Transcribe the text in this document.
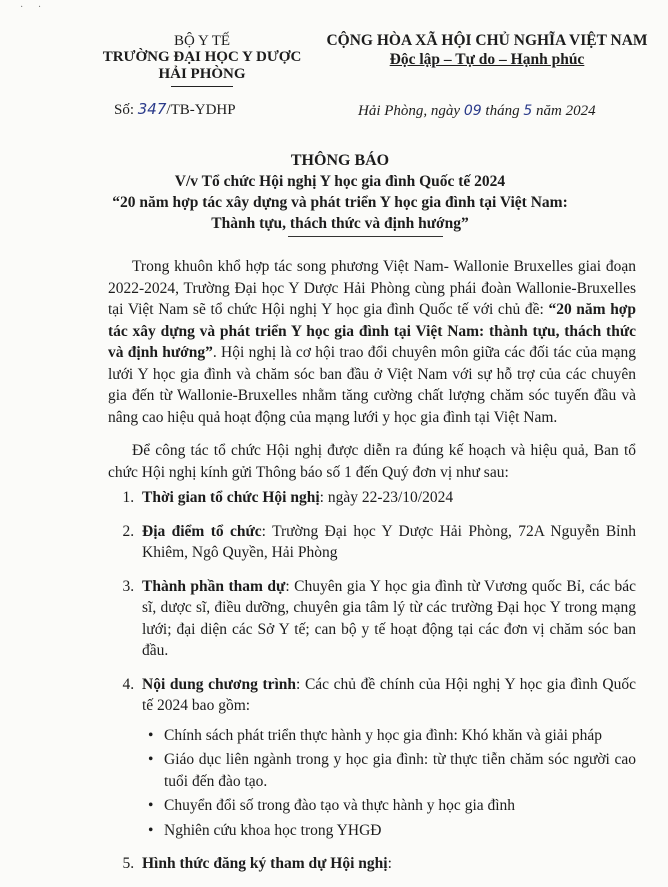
· ·
BỘ Y TẾ
TRƯỜNG ĐẠI HỌC Y DƯỢC
HẢI PHÒNG
CỘNG HÒA XÃ HỘI CHỦ NGHĨA VIỆT NAM
Độc lập – Tự do – Hạnh phúc
Số: 347/TB-YDHP	Hải Phòng, ngày 09 tháng 5 năm 2024
THÔNG BÁO
V/v Tổ chức Hội nghị Y học gia đình Quốc tế 2024
“20 năm hợp tác xây dựng và phát triển Y học gia đình tại Việt Nam:
Thành tựu, thách thức và định hướng”

Trong khuôn khổ hợp tác song phương Việt Nam- Wallonie Bruxelles giai đoạn 2022-2024, Trường Đại học Y Dược Hải Phòng cùng phái đoàn Wallonie-Bruxelles tại Việt Nam sẽ tổ chức Hội nghị Y học gia đình Quốc tế với chủ đề: “20 năm hợp tác xây dựng và phát triển Y học gia đình tại Việt Nam: thành tựu, thách thức và định hướng”. Hội nghị là cơ hội trao đổi chuyên môn giữa các đối tác của mạng lưới Y học gia đình và chăm sóc ban đầu ở Việt Nam với sự hỗ trợ của các chuyên gia đến từ Wallonie-Bruxelles nhằm tăng cường chất lượng chăm sóc tuyến đầu và nâng cao hiệu quả hoạt động của mạng lưới y học gia đình tại Việt Nam.

Để công tác tổ chức Hội nghị được diễn ra đúng kế hoạch và hiệu quả, Ban tổ chức Hội nghị kính gửi Thông báo số 1 đến Quý đơn vị như sau:

1. Thời gian tổ chức Hội nghị: ngày 22-23/10/2024
2. Địa điểm tổ chức: Trường Đại học Y Dược Hải Phòng, 72A Nguyễn Bỉnh Khiêm, Ngô Quyền, Hải Phòng
3. Thành phần tham dự: Chuyên gia Y học gia đình từ Vương quốc Bỉ, các bác sĩ, dược sĩ, điều dưỡng, chuyên gia tâm lý từ các trường Đại học Y trong mạng lưới; đại diện các Sở Y tế; can bộ y tế hoạt động tại các đơn vị chăm sóc ban đầu.
4. Nội dung chương trình: Các chủ đề chính của Hội nghị Y học gia đình Quốc tế 2024 bao gồm:
• Chính sách phát triển thực hành y học gia đình: Khó khăn và giải pháp
• Giáo dục liên ngành trong y học gia đình: từ thực tiễn chăm sóc người cao tuổi đến đào tạo.
• Chuyển đổi số trong đào tạo và thực hành y học gia đình
• Nghiên cứu khoa học trong YHGĐ
5. Hình thức đăng ký tham dự Hội nghị:
